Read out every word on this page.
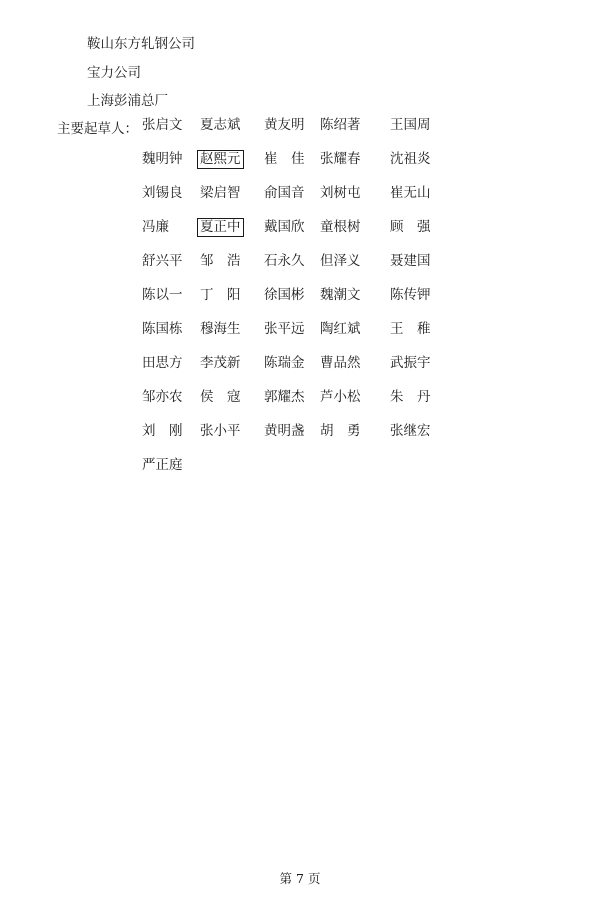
鞍山东方轧钢公司
宝力公司
上海彭浦总厂
主要起草人： 张启文 夏志斌 黄友明 陈绍著 王国周
魏明钟 赵熙元 崔　佳 张耀春 沈祖炎
刘锡良 梁启智 俞国音 刘树屯 崔无山
冯廉 夏正中 戴国欣 童根树 顾　强
舒兴平 邹　浩 石永久 但泽义 聂建国
陈以一 丁　阳 徐国彬 魏潮文 陈传钾
陈国栋 穆海生 张平远 陶红斌 王　稚
田思方 李茂新 陈瑞金 曹品然 武振宇
邹亦农 侯　寇 郭耀杰 芦小松 朱　丹
刘　刚 张小平 黄明盏 胡　勇 张继宏
严正庭
第 7 页
